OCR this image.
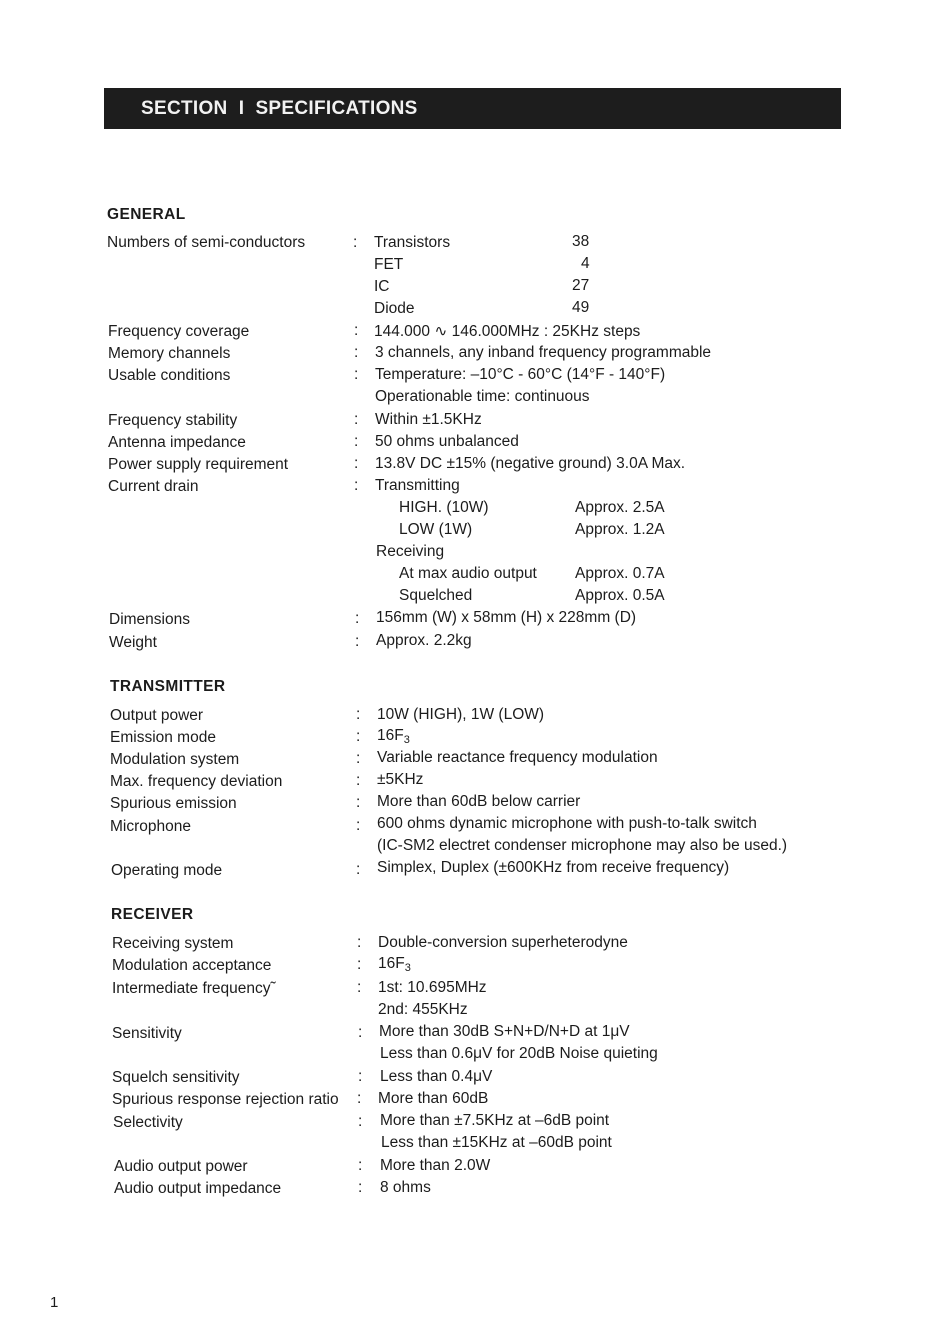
SECTION  I  SPECIFICATIONS
GENERAL
Numbers of semi-conductors	: Transistors	38
FET	4
IC	27
Diode	49
Frequency coverage	: 144.000 ∿ 146.000MHz : 25KHz steps
Memory channels	: 3 channels, any inband frequency programmable
Usable conditions	: Temperature: –10°C - 60°C (14°F - 140°F)
Operationable time: continuous
Frequency stability	: Within ±1.5KHz
Antenna impedance	: 50 ohms unbalanced
Power supply requirement	: 13.8V DC ±15% (negative ground) 3.0A Max.
Current drain	: Transmitting
HIGH. (10W)	Approx. 2.5A
LOW (1W)	Approx. 1.2A
Receiving
At max audio output Approx. 0.7A
Squelched	Approx. 0.5A
Dimensions	: 156mm (W) x 58mm (H) x 228mm (D)
Weight	: Approx. 2.2kg
TRANSMITTER
Output power	: 10W (HIGH), 1W (LOW)
Emission mode	: $16F_3$
Modulation system	: Variable reactance frequency modulation
Max. frequency deviation	: ±5KHz
Spurious emission	: More than 60dB below carrier
Microphone	: 600 ohms dynamic microphone with push-to-talk switch
(IC-SM2 electret condenser microphone may also be used.)
Operating mode	: Simplex, Duplex (±600KHz from receive frequency)
RECEIVER
Receiving system	: Double-conversion superheterodyne
Modulation acceptance	: $16F_3$
Intermediate frequency˜	: 1st: 10.695MHz
2nd: 455KHz
Sensitivity	: More than 30dB S+N+D/N+D at 1μV
Less than 0.6μV for 20dB Noise quieting
Squelch sensitivity	: Less than 0.4μV
Spurious response rejection ratio : More than 60dB
Selectivity	: More than ±7.5KHz at –6dB point
Less than ±15KHz at –60dB point
Audio output power	: More than 2.0W
Audio output impedance	: 8 ohms
1
